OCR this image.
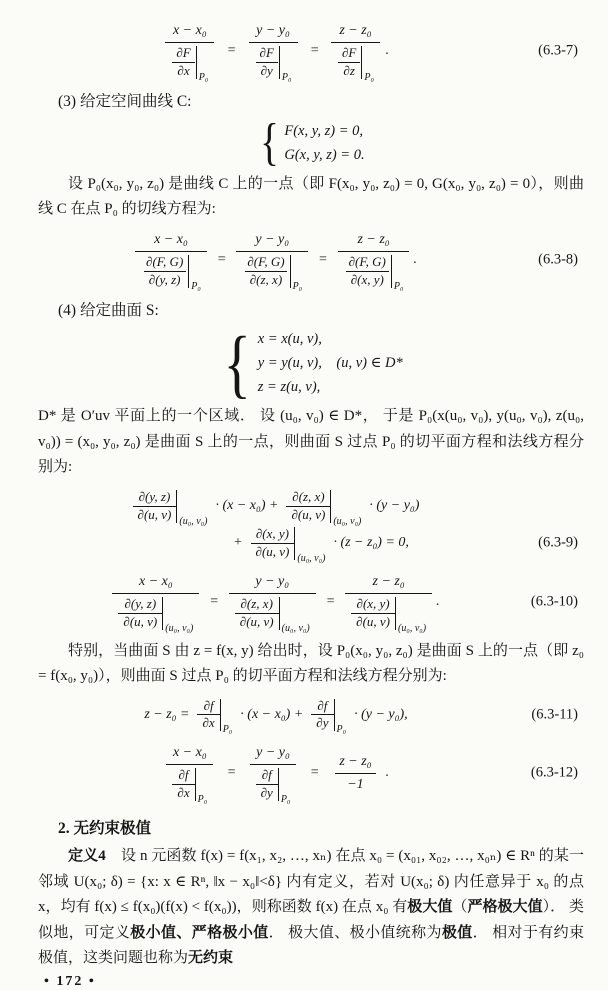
$\frac{\text{x − x₀}}{\frac{\partial F}{\partial x} P_0} = \frac{\text{y − y₀}}{\frac{\partial F}{\partial y} P_0} = \frac{\text{z − z₀}}{\frac{\partial F}{\partial z} P_0}$ .	(6.3-7)
(3) 给定空间曲线 C:
{ F(x, y, z) = 0,
G(x, y, z) = 0.
设 P₀(x₀, y₀, z₀) 是曲线 C 上的一点（即 F(x₀, y₀, z₀) = 0, G(x₀, y₀, z₀) = 0），则曲线 C 在点 P₀ 的切线方程为:
$\frac{\text{x − x₀}}{\frac{\partial(F, G)}{\partial(y, z)} P_0} = \frac{\text{y − y₀}}{\frac{\partial(F, G)}{\partial(z, x)} P_0} = \frac{\text{z − z₀}}{\frac{\partial(F, G)}{\partial(x, y)} P_0}$ .	(6.3-8)
(4) 给定曲面 S:
{ x = x(u, v),
y = y(u, v),　(u, v) ∈ D*
z = z(u, v),
D* 是 O′uv 平面上的一个区域． 设 (u₀, v₀) ∈ D*， 于是 P₀(x(u₀, v₀), y(u₀, v₀), z(u₀, v₀)) = (x₀, y₀, z₀) 是曲面 S 上的一点，则曲面 S 过点 P₀ 的切平面方程和法线方程分别为:
$\frac{\partial(y, z)}{\partial(u, v)} (u_0$, v₀)
· $(x - x_0) + \frac{\partial(z, x)}{\partial(u, v)} (u_0$, v₀)
· (y − y₀)
+ $\frac{\partial(x, y)}{\partial(u, v)} (u_0$, v₀)
· (z − z₀) = 0,	(6.3-9)
$\frac{\text{x − x₀}}{\frac{\partial(y, z)}{\partial(u, v)} (u_0, v_0)} = \frac{\text{y − y₀}}{\frac{\partial(z, x)}{\partial(u, v)} (u_0, v_0)} = \frac{\text{z − z₀}}{\frac{\partial(x, y)}{\partial(u, v)} (u_0, v_0)}$ .	(6.3-10)
特别，当曲面 S 由 z = f(x, y) 给出时，设 P₀(x₀, y₀, z₀) 是曲面 S 上的一点（即 z₀ = f(x₀, y₀)），则曲面 S 过点 P₀ 的切平面方程和法线方程分别为:
$z - z_0 = \frac{\partial f}{\partial x} P_0$
· $(x - x_0) + \frac{\partial f}{\partial y} P_0$
· (y − y₀),	(6.3-11)
$\frac{\text{x − x₀}}{\frac{\partial f}{\partial x} P_0} = \frac{\text{y − y₀}}{\frac{\partial f}{\partial y} P_0} = \frac{\text{z − z₀}}{-1}$ .	(6.3-12)
2. 无约束极值
定义4　设 n 元函数 f(x) = f(x₁, x₂, …, xₙ) 在点 x₀ = (x₀₁, x₀₂, …, x₀ₙ) ∈ Rⁿ 的某一邻域 U(x₀; δ) = {x: x ∈ Rⁿ, ‖x − x₀‖<δ} 内有定义，若对 U(x₀; δ) 内任意异于 x₀ 的点 x，均有 f(x) ≤ f(x₀)(f(x) < f(x₀))，则称函数 f(x) 在点 x₀ 有极大值（严格极大值）． 类似地，可定义极小值、严格极小值． 极大值、极小值统称为极值． 相对于有约束极值，这类问题也称为无约束
• 172 •
